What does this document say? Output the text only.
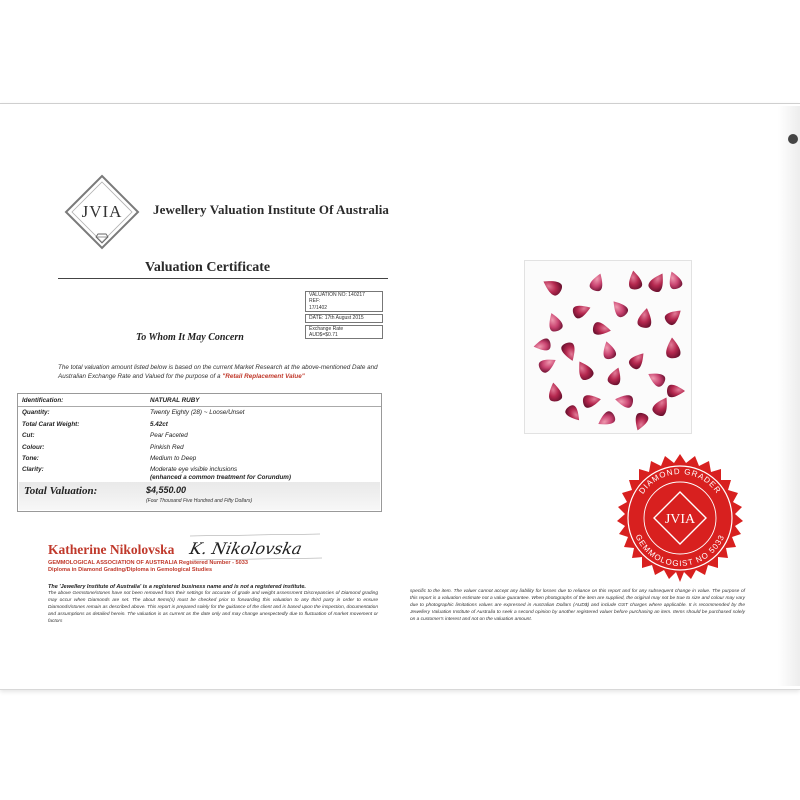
JVIA Jewellery Valuation Institute Of Australia
Valuation Certificate
VALUATION NO: 140217
REF:
17/1402
DATE: 17th August 2015
Exchange Rate
AUD$=$0.71
To Whom It May Concern
The total valuation amount listed below is based on the current Market Research at the above-mentioned Date and Australian Exchange Rate and Valued for the purpose of a "Retail Replacement Value"
Identification:	NATURAL RUBY
Quantity:	Twenty Eighty (28) ~ Loose/Unset
Total Carat Weight:	5.42ct
Cut:	Pear Faceted
Colour:	Pinkish Red
Tone:	Medium to Deep
Clarity:	Moderate eye visible inclusions
(enhanced a common treatment for Corundum)
Total Valuation:	$4,550.00
(Four Thousand Five Hundred and Fifty Dollars)
Katherine Nikolovska K. Nikolovska
GEMMOLOGICAL ASSOCIATION OF AUSTRALIA Registered Number - 5033
Diploma in Diamond Grading/Diploma in Gemological Studies
The 'Jewellery Institute of Australia' is a registered business name and is not a registered institute.
The above Gemstone/stones have not been removed from their settings for accurate of grade and weight assessment Discrepancies of Diamond grading may occur when Diamonds are set. The about Items(s) must be checked prior to forwarding this valuation to any third party in order to ensure Diamonds/stones remain as described above. This report is prepared solely for the guidance of the client and is based upon the inspection, documentation and assumptions as detailed herein. The valuation is as current as the date only and may change unexpectedly due to fluctuation of market movement or factors
specific to the item. The valuer cannot accept any liability for losses due to reliance on this report and for any subsequent change in value. The purpose of this report is a valuation estimate not a value guarantee. When photographs of the item are supplied, the original may not be true to size and colour may vary due to photographic limitations values are expressed in Australian Dollars (AUD$) and include GST charges where applicable. It is recommended by the Jewellery Valuation Institute of Australia to seek a second opinion by another registered valuer before purchasing an item. Items should be purchased solely on a customer's interest and not on the valuation amount.
DIAMOND GRADER
GEMMOLOGIST NO 5033
JVIA
